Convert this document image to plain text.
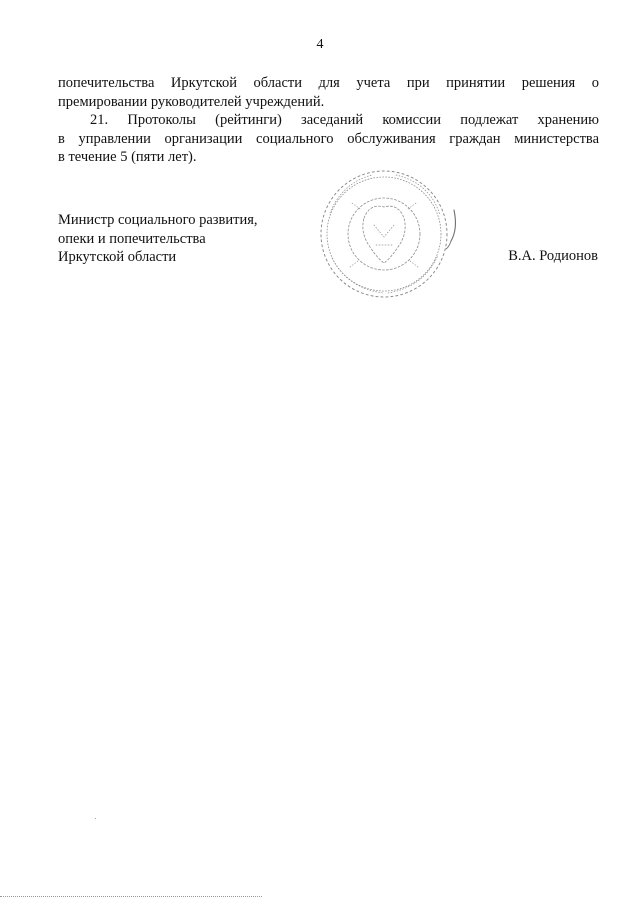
4
попечительства Иркутской области для учета при принятии решения о
премировании руководителей учреждений.
21. Протоколы (рейтинги) заседаний комиссии подлежат хранению
в управлении организации социального обслуживания граждан министерства
в течение 5 (пяти лет).
Министр социального развития,
опеки и попечительства
Иркутской области	В.А. Родионов
